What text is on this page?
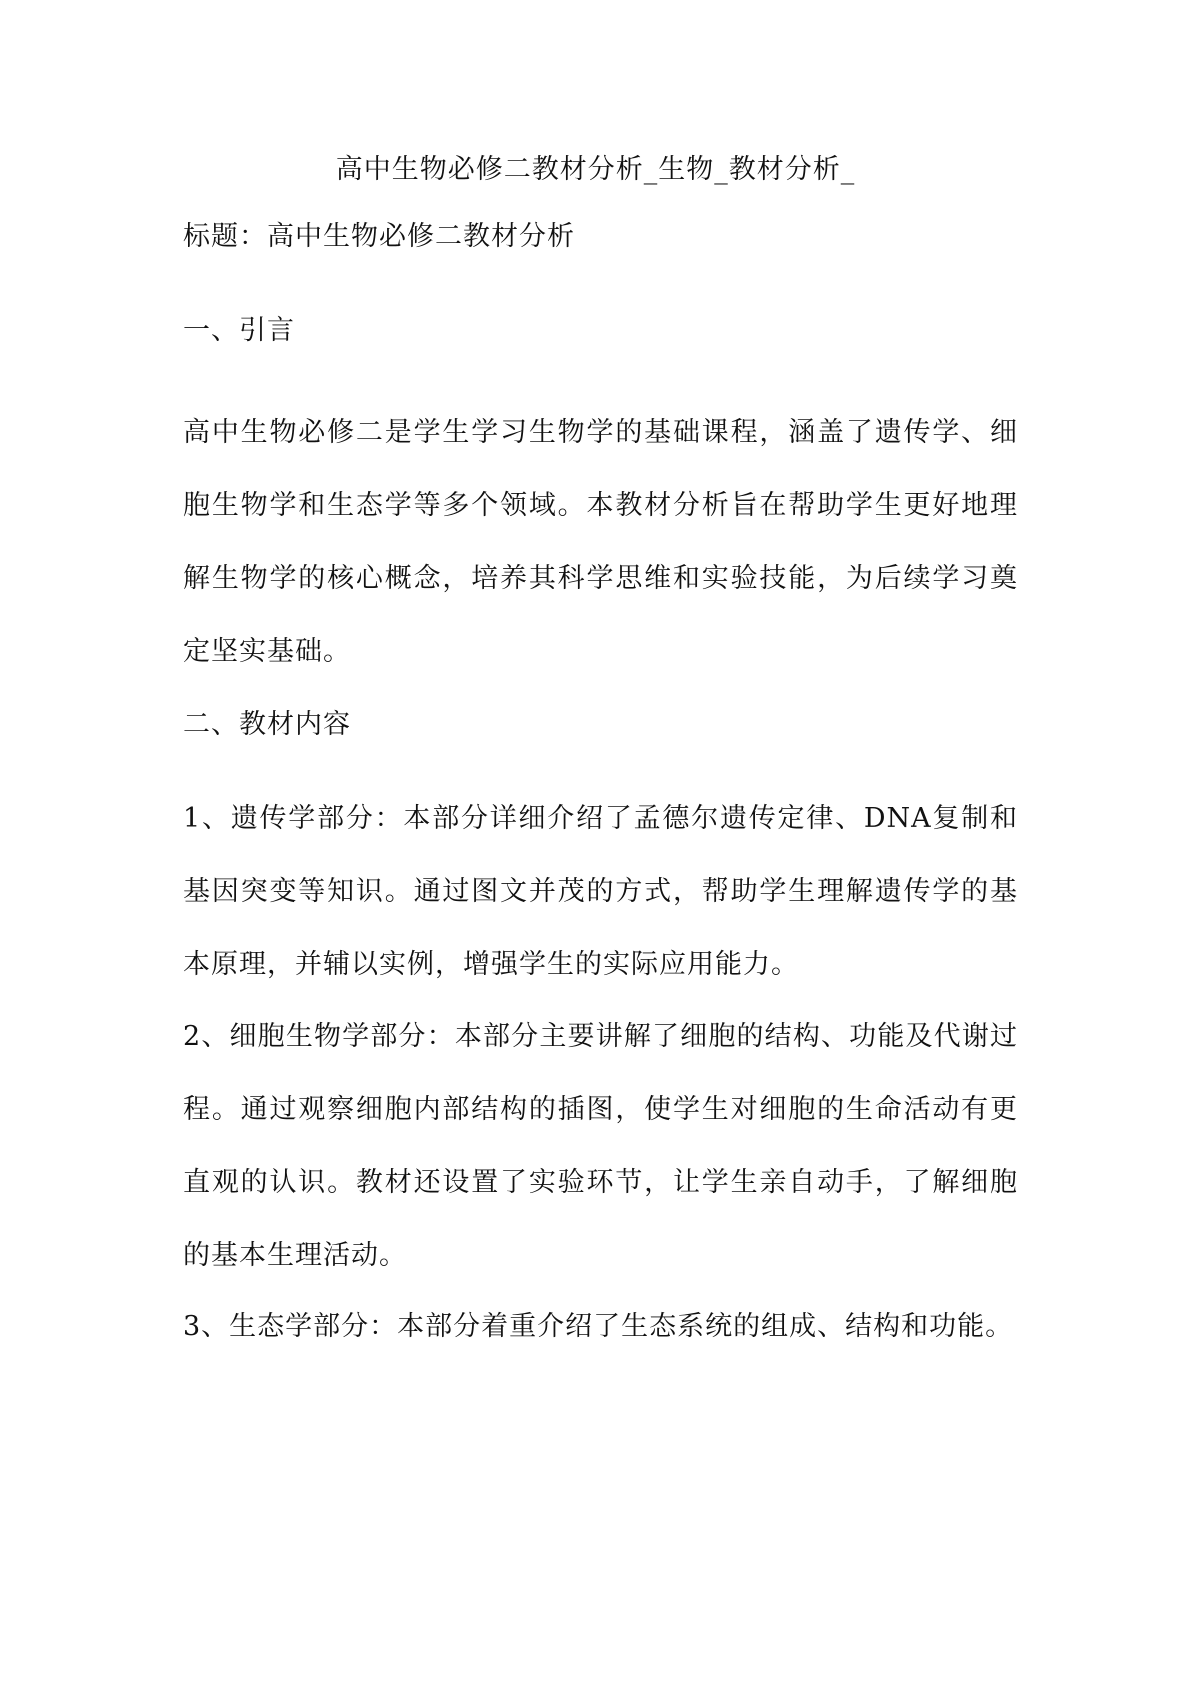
高中生物必修二教材分析_生物_教材分析_
标题：高中生物必修二教材分析
一、引言
高中生物必修二是学生学习生物学的基础课程，涵盖了遗传学、细胞生物学和生态学等多个领域。本教材分析旨在帮助学生更好地理解生物学的核心概念，培养其科学思维和实验技能，为后续学习奠定坚实基础。
二、教材内容
1、遗传学部分：本部分详细介绍了孟德尔遗传定律、DNA复制和基因突变等知识。通过图文并茂的方式，帮助学生理解遗传学的基本原理，并辅以实例，增强学生的实际应用能力。
2、细胞生物学部分：本部分主要讲解了细胞的结构、功能及代谢过程。通过观察细胞内部结构的插图，使学生对细胞的生命活动有更直观的认识。教材还设置了实验环节，让学生亲自动手，了解细胞的基本生理活动。
3、生态学部分：本部分着重介绍了生态系统的组成、结构和功能。
